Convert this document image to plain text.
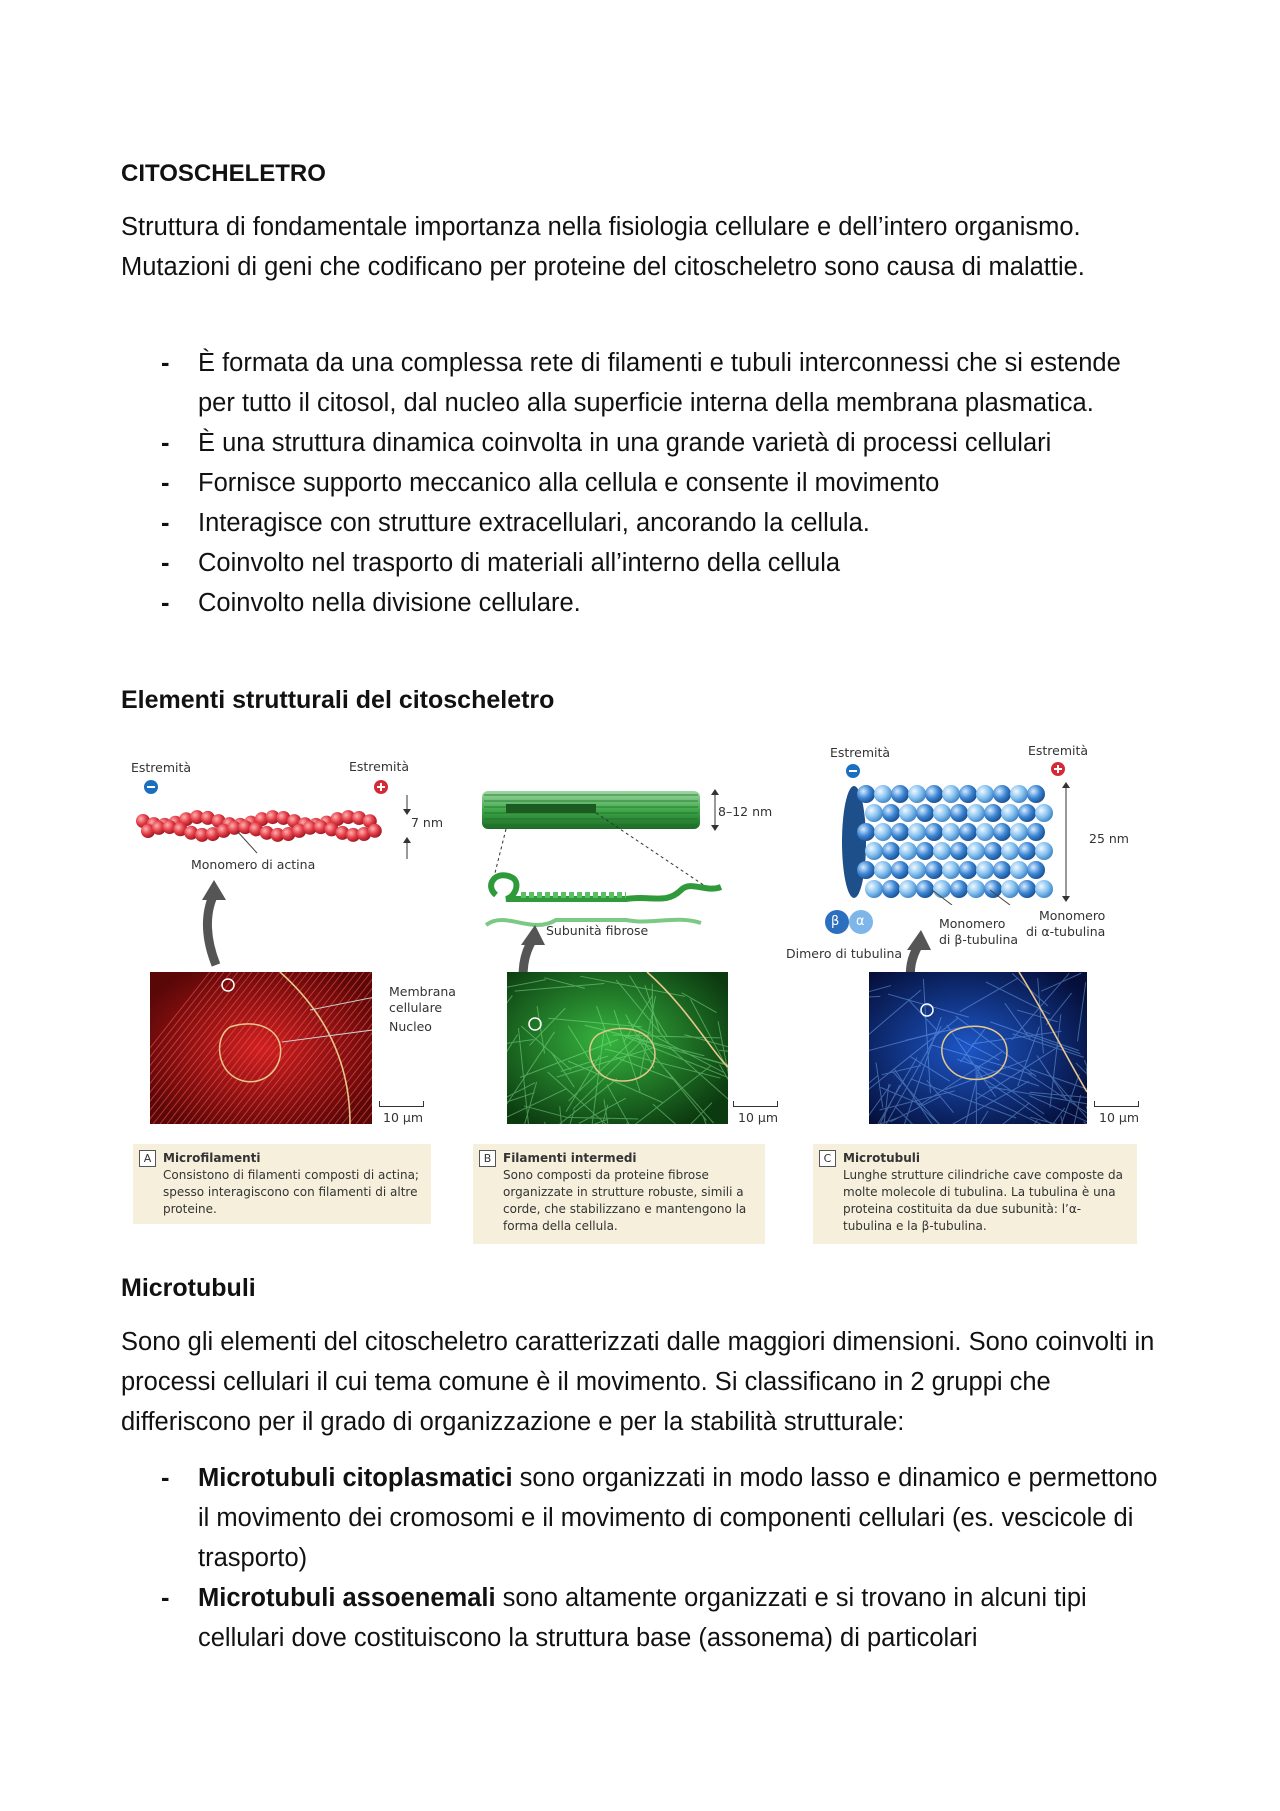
CITOSCHELETRO
Struttura di fondamentale importanza nella fisiologia cellulare e dell’intero organismo. Mutazioni di geni che codificano per proteine del citoscheletro sono causa di malattie.
- È formata da una complessa rete di filamenti e tubuli interconnessi che si estende per tutto il citosol, dal nucleo alla superficie interna della membrana plasmatica.
- È una struttura dinamica coinvolta in una grande varietà di processi cellulari
- Fornisce supporto meccanico alla cellula e consente il movimento
- Interagisce con strutture extracellulari, ancorando la cellula.
- Coinvolto nel trasporto di materiali all’interno della cellula
- Coinvolto nella divisione cellulare.
Elementi strutturali del citoscheletro
Estremità	Estremità
7 nm
Monomero di actina
Membrana
cellulare
Nucleo
10 μm
A Microfilamenti
Consistono di filamenti composti di actina; spesso interagiscono con filamenti di altre proteine.
8–12 nm
Subunità fibrose
10 μm
B Filamenti intermedi
Sono composti da proteine fibrose organizzate in strutture robuste, simili a corde, che stabilizzano e mantengono la forma della cellula.
Estremità	Estremità
25 nm
β α
Dimero di tubulina
Monomero
di β-tubulina
Monomero
di α-tubulina
10 μm
C Microtubuli
Lunghe strutture cilindriche cave composte da molte molecole di tubulina. La tubulina è una proteina costituita da due subunità: l’α-tubulina e la β-tubulina.
Microtubuli
Sono gli elementi del citoscheletro caratterizzati dalle maggiori dimensioni. Sono coinvolti in processi cellulari il cui tema comune è il movimento. Si classificano in 2 gruppi che differiscono per il grado di organizzazione e per la stabilità strutturale:
- Microtubuli citoplasmatici sono organizzati in modo lasso e dinamico e permettono il movimento dei cromosomi e il movimento di componenti cellulari (es. vescicole di trasporto)
- Microtubuli assoenemali sono altamente organizzati e si trovano in alcuni tipi cellulari dove costituiscono la struttura base (assonema) di particolari
